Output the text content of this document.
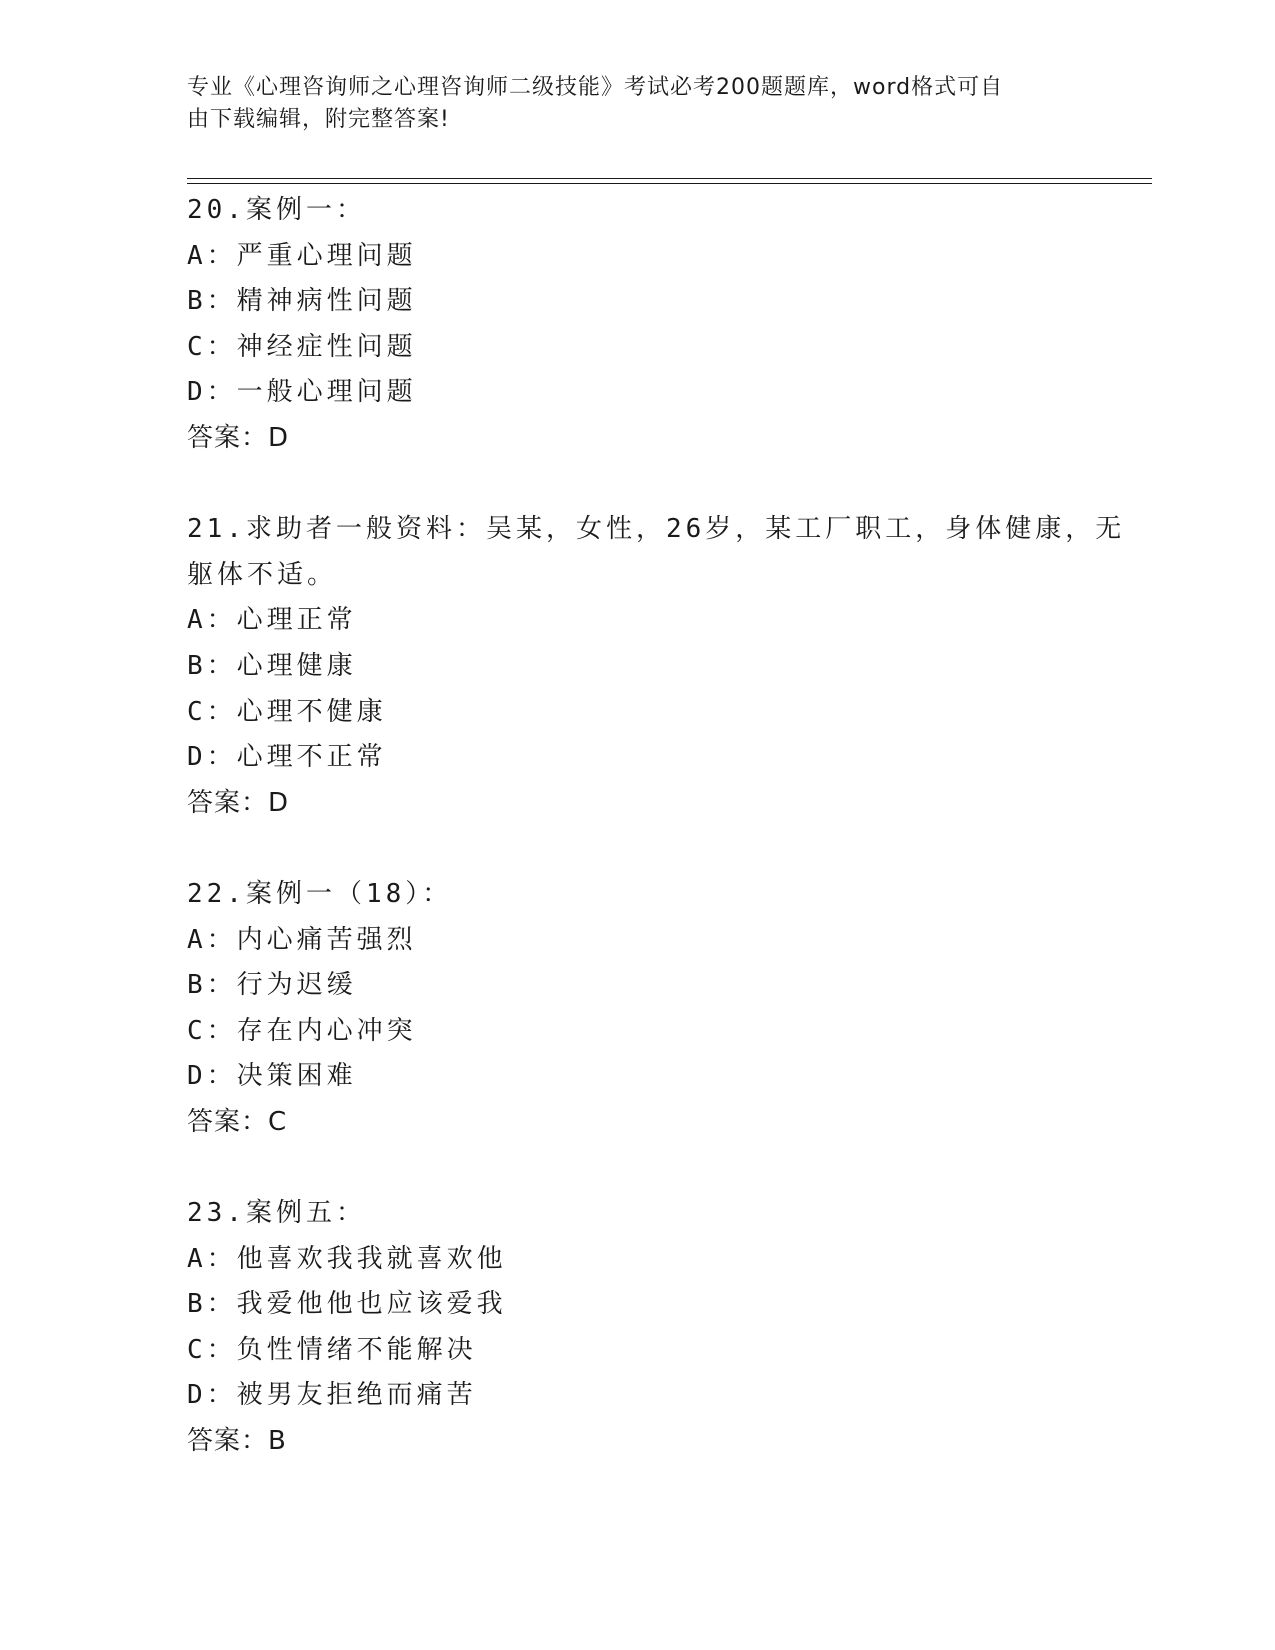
专业《心理咨询师之心理咨询师二级技能》考试必考200题题库，word格式可自
由下载编辑，附完整答案!
20.案例一：
A：严重心理问题
B：精神病性问题
C：神经症性问题
D：一般心理问题
答案：D
21.求助者一般资料：吴某，女性，26岁，某工厂职工，身体健康，无
躯体不适。
A：心理正常
B：心理健康
C：心理不健康
D：心理不正常
答案：D
22.案例一（18）：
A：内心痛苦强烈
B：行为迟缓
C：存在内心冲突
D：决策困难
答案：C
23.案例五：
A：他喜欢我我就喜欢他
B：我爱他他也应该爱我
C：负性情绪不能解决
D：被男友拒绝而痛苦
答案：B
